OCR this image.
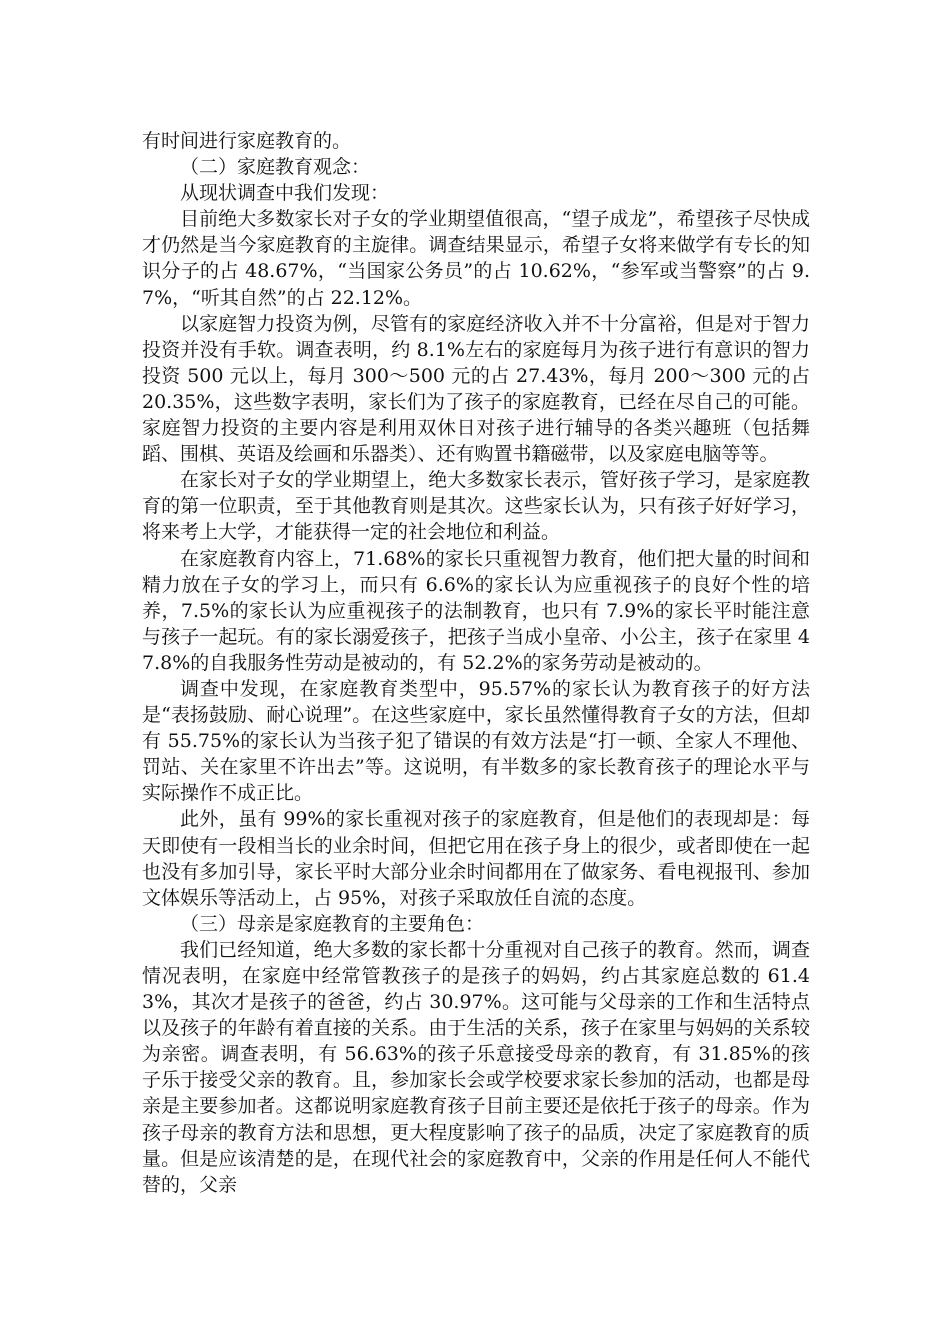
有时间进行家庭教育的。

（二）家庭教育观念：

从现状调查中我们发现：

目前绝大多数家长对子女的学业期望值很高，“望子成龙”，希望孩子尽快成才仍然是当今家庭教育的主旋律。调查结果显示，希望子女将来做学有专长的知识分子的占 48.67%，“当国家公务员”的占 10.62%，“参军或当警察”的占 9.7%，“听其自然”的占 22.12%。

以家庭智力投资为例，尽管有的家庭经济收入并不十分富裕，但是对于智力投资并没有手软。调查表明，约 8.1%左右的家庭每月为孩子进行有意识的智力投资 500 元以上，每月 300～500 元的占 27.43%，每月 200～300 元的占 20.35%，这些数字表明，家长们为了孩子的家庭教育，已经在尽自己的可能。家庭智力投资的主要内容是利用双休日对孩子进行辅导的各类兴趣班（包括舞蹈、围棋、英语及绘画和乐器类）、还有购置书籍磁带，以及家庭电脑等等。

在家长对子女的学业期望上，绝大多数家长表示，管好孩子学习，是家庭教育的第一位职责，至于其他教育则是其次。这些家长认为，只有孩子好好学习，将来考上大学，才能获得一定的社会地位和利益。

在家庭教育内容上，71.68%的家长只重视智力教育，他们把大量的时间和精力放在子女的学习上，而只有 6.6%的家长认为应重视孩子的良好个性的培养，7.5%的家长认为应重视孩子的法制教育，也只有 7.9%的家长平时能注意与孩子一起玩。有的家长溺爱孩子，把孩子当成小皇帝、小公主，孩子在家里 47.8%的自我服务性劳动是被动的，有 52.2%的家务劳动是被动的。

调查中发现，在家庭教育类型中，95.57%的家长认为教育孩子的好方法是“表扬鼓励、耐心说理”。在这些家庭中，家长虽然懂得教育子女的方法，但却有 55.75%的家长认为当孩子犯了错误的有效方法是“打一顿、全家人不理他、罚站、关在家里不许出去”等。这说明，有半数多的家长教育孩子的理论水平与实际操作不成正比。

此外，虽有 99%的家长重视对孩子的家庭教育，但是他们的表现却是：每天即使有一段相当长的业余时间，但把它用在孩子身上的很少，或者即使在一起也没有多加引导，家长平时大部分业余时间都用在了做家务、看电视报刊、参加文体娱乐等活动上，占 95%，对孩子采取放任自流的态度。

（三）母亲是家庭教育的主要角色：

我们已经知道，绝大多数的家长都十分重视对自己孩子的教育。然而，调查情况表明，在家庭中经常管教孩子的是孩子的妈妈，约占其家庭总数的 61.43%，其次才是孩子的爸爸，约占 30.97%。这可能与父母亲的工作和生活特点以及孩子的年龄有着直接的关系。由于生活的关系，孩子在家里与妈妈的关系较为亲密。调查表明，有 56.63%的孩子乐意接受母亲的教育，有 31.85%的孩子乐于接受父亲的教育。且，参加家长会或学校要求家长参加的活动，也都是母亲是主要参加者。这都说明家庭教育孩子目前主要还是依托于孩子的母亲。作为孩子母亲的教育方法和思想，更大程度影响了孩子的品质，决定了家庭教育的质量。但是应该清楚的是，在现代社会的家庭教育中，父亲的作用是任何人不能代替的，父亲
